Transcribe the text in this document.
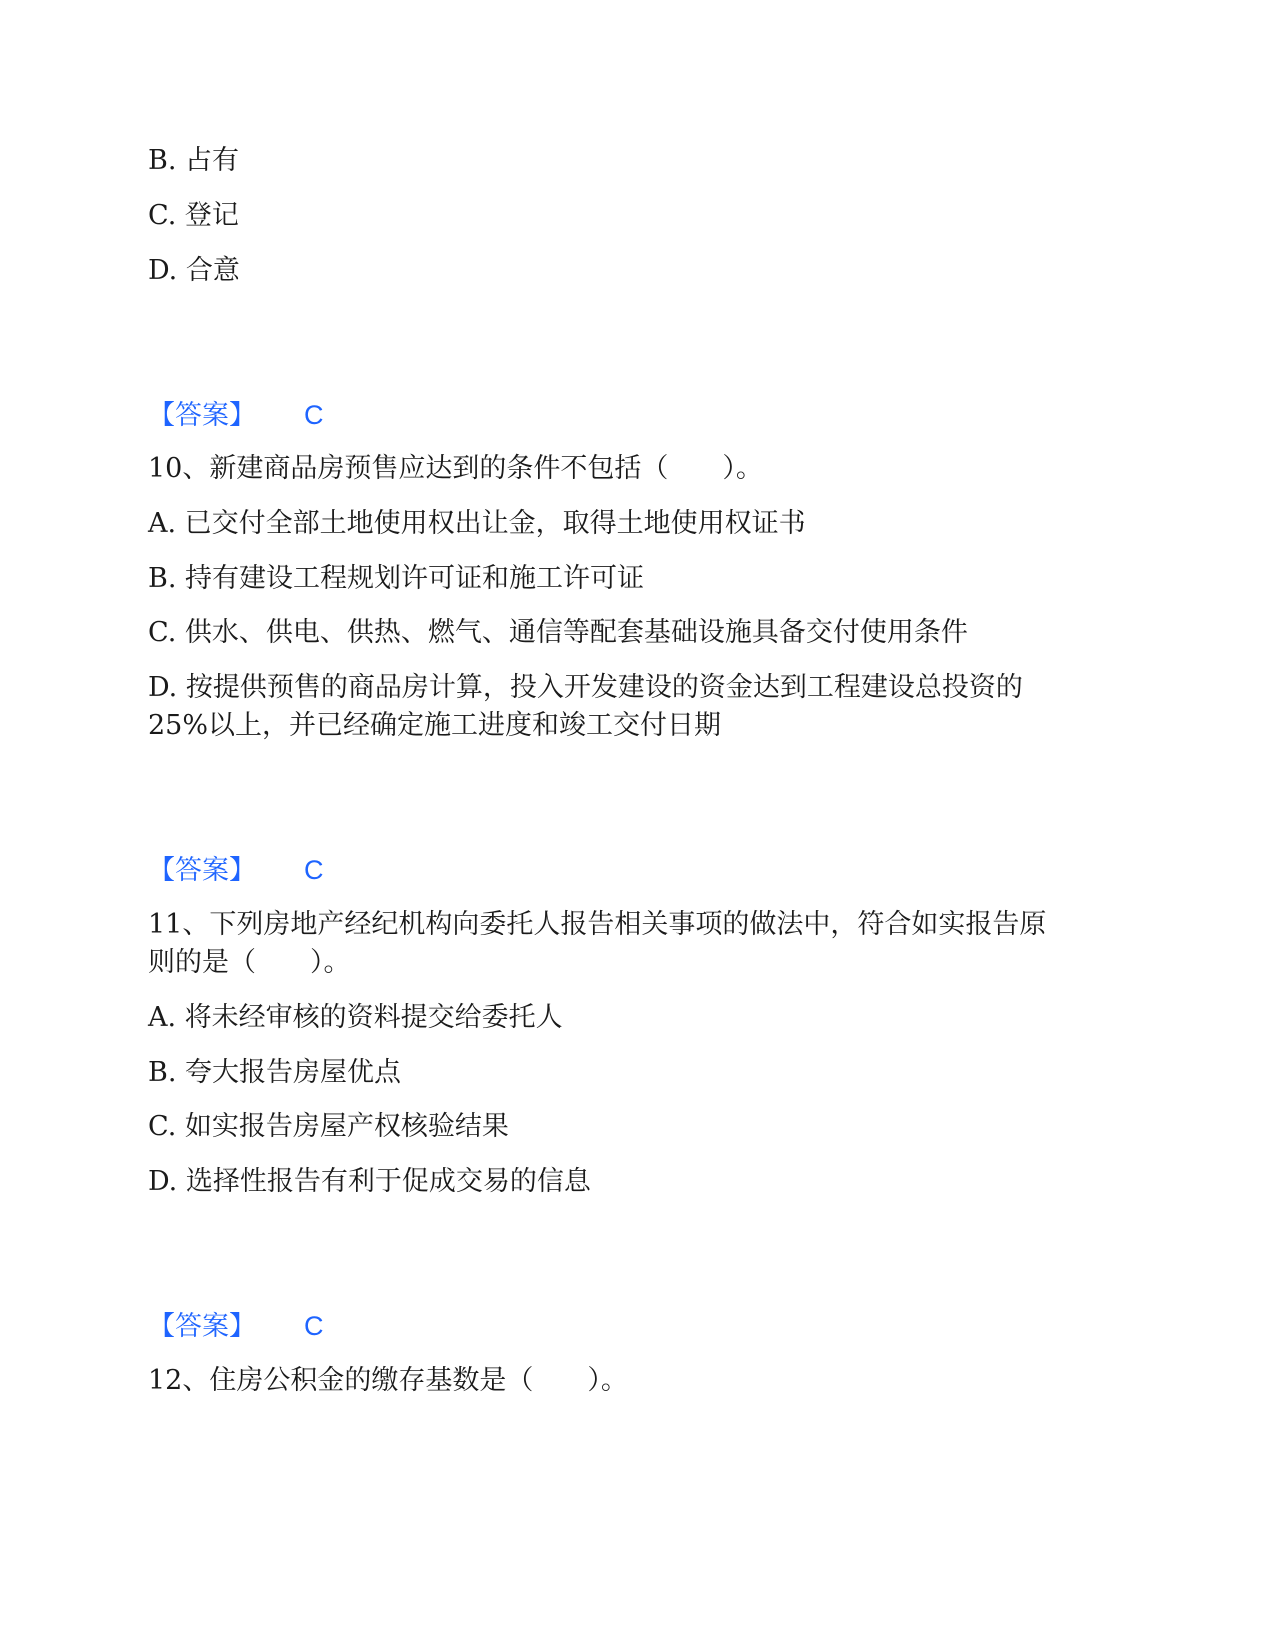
B. 占有
C. 登记
D. 合意
【答案】 C
10、新建商品房预售应达到的条件不包括（　　）。
A. 已交付全部土地使用权出让金，取得土地使用权证书
B. 持有建设工程规划许可证和施工许可证
C. 供水、供电、供热、燃气、通信等配套基础设施具备交付使用条件
D. 按提供预售的商品房计算，投入开发建设的资金达到工程建设总投资的
25%以上，并已经确定施工进度和竣工交付日期
【答案】 C
11、下列房地产经纪机构向委托人报告相关事项的做法中，符合如实报告原
则的是（　　）。
A. 将未经审核的资料提交给委托人
B. 夸大报告房屋优点
C. 如实报告房屋产权核验结果
D. 选择性报告有利于促成交易的信息
【答案】 C
12、住房公积金的缴存基数是（　　）。
